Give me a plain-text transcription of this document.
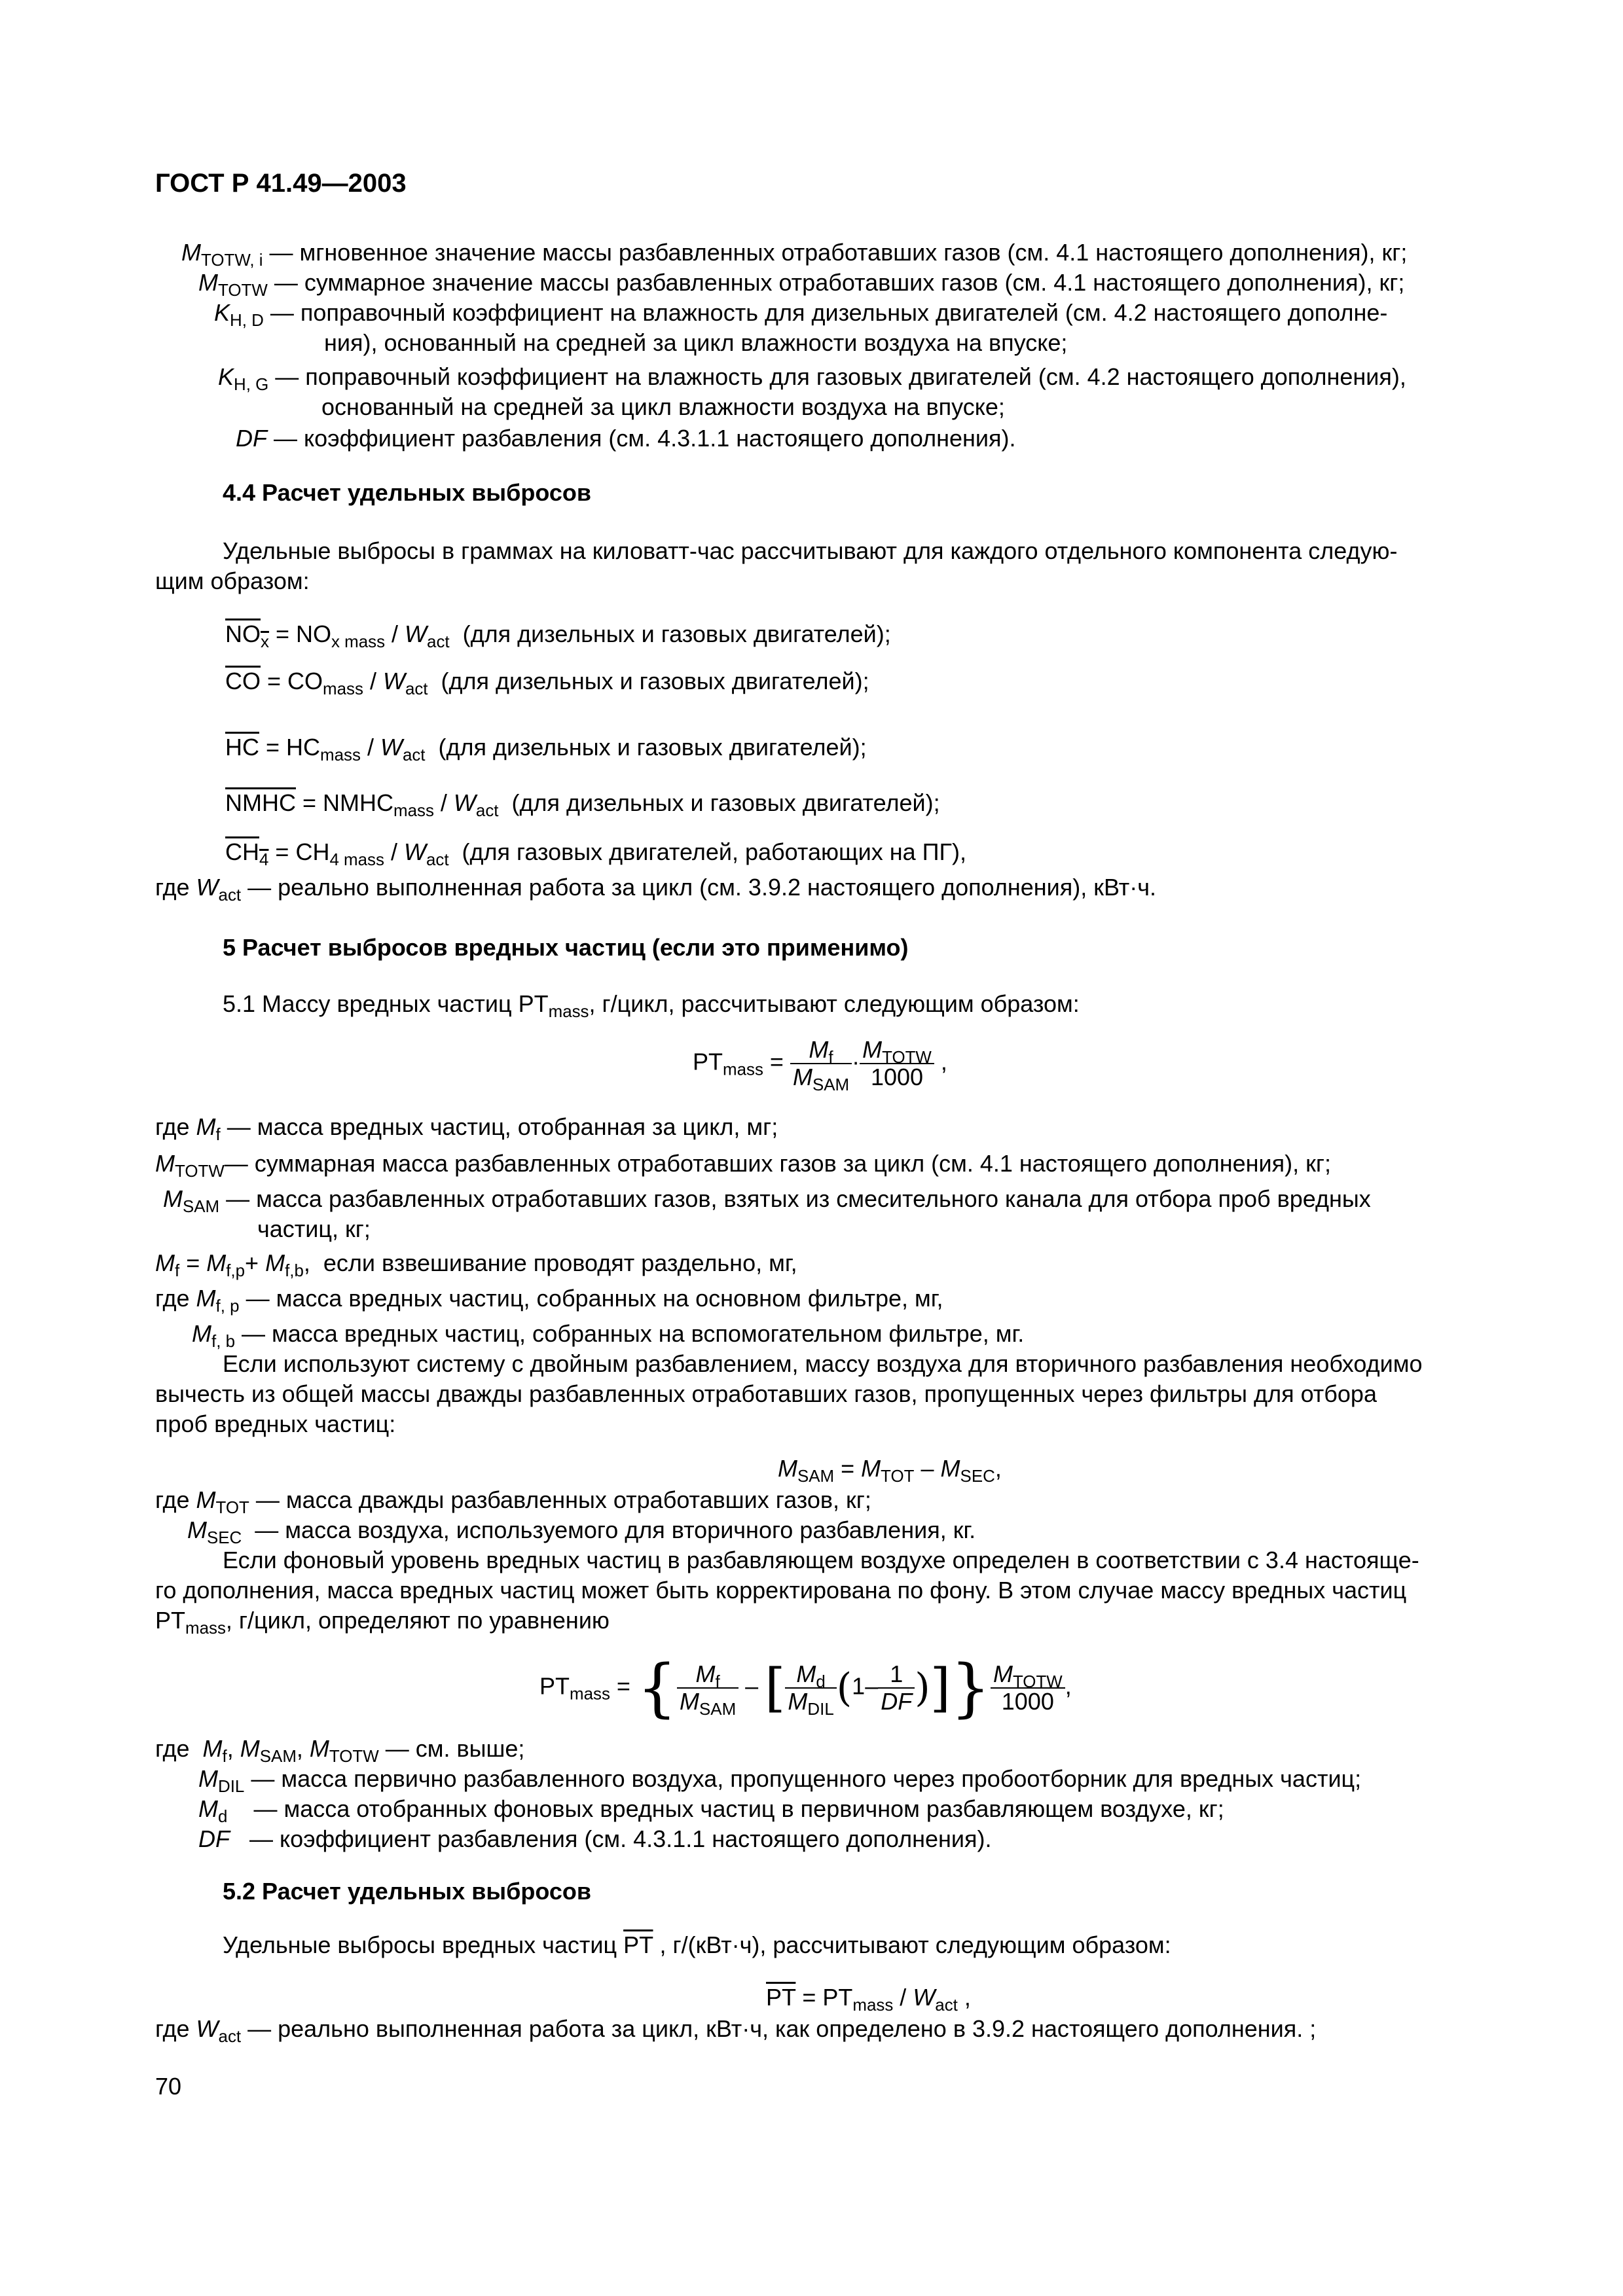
ГОСТ Р 41.49—2003
$M_{TOTW, i}$ — мгновенное значение массы разбавленных отработавших газов (см. 4.1 настоящего дополнения), кг;
$M_{TOTW}$ — суммарное значение массы разбавленных отработавших газов (см. 4.1 настоящего дополнения), кг;
$K_{H, D}$ — поправочный коэффициент на влажность для дизельных двигателей (см. 4.2 настоящего дополне-
ния), основанный на средней за цикл влажности воздуха на впуске;
$K_{H, G}$ — поправочный коэффициент на влажность для газовых двигателей (см. 4.2 настоящего дополнения),
основанный на средней за цикл влажности воздуха на впуске;
DF — коэффициент разбавления (см. 4.3.1.1 настоящего дополнения).
4.4 Расчет удельных выбросов
Удельные выбросы в граммах на киловатт-час рассчитывают для каждого отдельного компонента следую-
щим образом:
$NO_x = NO_{x mass} / W_{act}$ (для дизельных и газовых двигателей);
$\overline{CO} = CO_{mass} / W_{act}$ (для дизельных и газовых двигателей);
$\overline{HC} = HC_{mass} / W_{act}$ (для дизельных и газовых двигателей);
NMHC = $NMHC_{mass} / W_{act}$ (для дизельных и газовых двигателей);
$CH_4 = CH_{4 mass} / W_{act}$ (для газовых двигателей, работающих на ПГ),
где $W_{act}$ — реально выполненная работа за цикл (см. 3.9.2 настоящего дополнения), кВт·ч.
5 Расчет выбросов вредных частиц (если это применимо)
5.1 Массу вредных частиц $PT_{mass}$, г/цикл, рассчитывают следующим образом:
$PT_{mass} = \frac{M_f}{M_{SAM}} \cdot \frac{M_{TOTW}}{1000}$ ,
где $M_f$ — масса вредных частиц, отобранная за цикл, мг;
$M_{TOTW}—$ суммарная масса разбавленных отработавших газов за цикл (см. 4.1 настоящего дополнения), кг;
$M_{SAM}$ — масса разбавленных отработавших газов, взятых из смесительного канала для отбора проб вредных
частиц, кг;
$M_f = M_{f,p}+ M_{f,b}$,  если взвешивание проводят раздельно, мг,
где $M_{f, p}$ — масса вредных частиц, собранных на основном фильтре, мг,
$M_{f, b}$ — масса вредных частиц, собранных на вспомогательном фильтре, мг.
Если используют систему с двойным разбавлением, массу воздуха для вторичного разбавления необходимо
вычесть из общей массы дважды разбавленных отработавших газов, пропущенных через фильтры для отбора
проб вредных частиц:
$M_{SAM} = M_{TOT} - M_{SEC}$,
где $M_{TOT}$ — масса дважды разбавленных отработавших газов, кг;
$M_{SEC}$ — масса воздуха, используемого для вторичного разбавления, кг.
Если фоновый уровень вредных частиц в разбавляющем воздухе определен в соответствии с 3.4 настояще-
го дополнения, масса вредных частиц может быть корректирована по фону. В этом случае массу вредных частиц
$PT_{mass}$, г/цикл, определяют по уравнению
$PT_{mass}$ = { $\frac{M_f}{M_{SAM}}$ – [ $\frac{M_d}{M_{DIL}} (1- \frac{1}{DF}$ )]} $\frac{M_{TOTW}}{1000}$ ,
где  $M_f$, $M_{SAM}$, $M_{TOTW}$ — см. выше;
$M_{DIL}$ — масса первично разбавленного воздуха, пропущенного через пробоотборник для вредных частиц;
$M_d$ — масса отобранных фоновых вредных частиц в первичном разбавляющем воздухе, кг;
DF — коэффициент разбавления (см. 4.3.1.1 настоящего дополнения).
5.2 Расчет удельных выбросов
Удельные выбросы вредных частиц $\overline{PT}$ , г/(кВт·ч), рассчитывают следующим образом:
$\overline{PT} = PT_{mass} / W_{act}$ ,
где $W_{act}$ — реально выполненная работа за цикл, кВт·ч, как определено в 3.9.2 настоящего дополнения. ;
70
